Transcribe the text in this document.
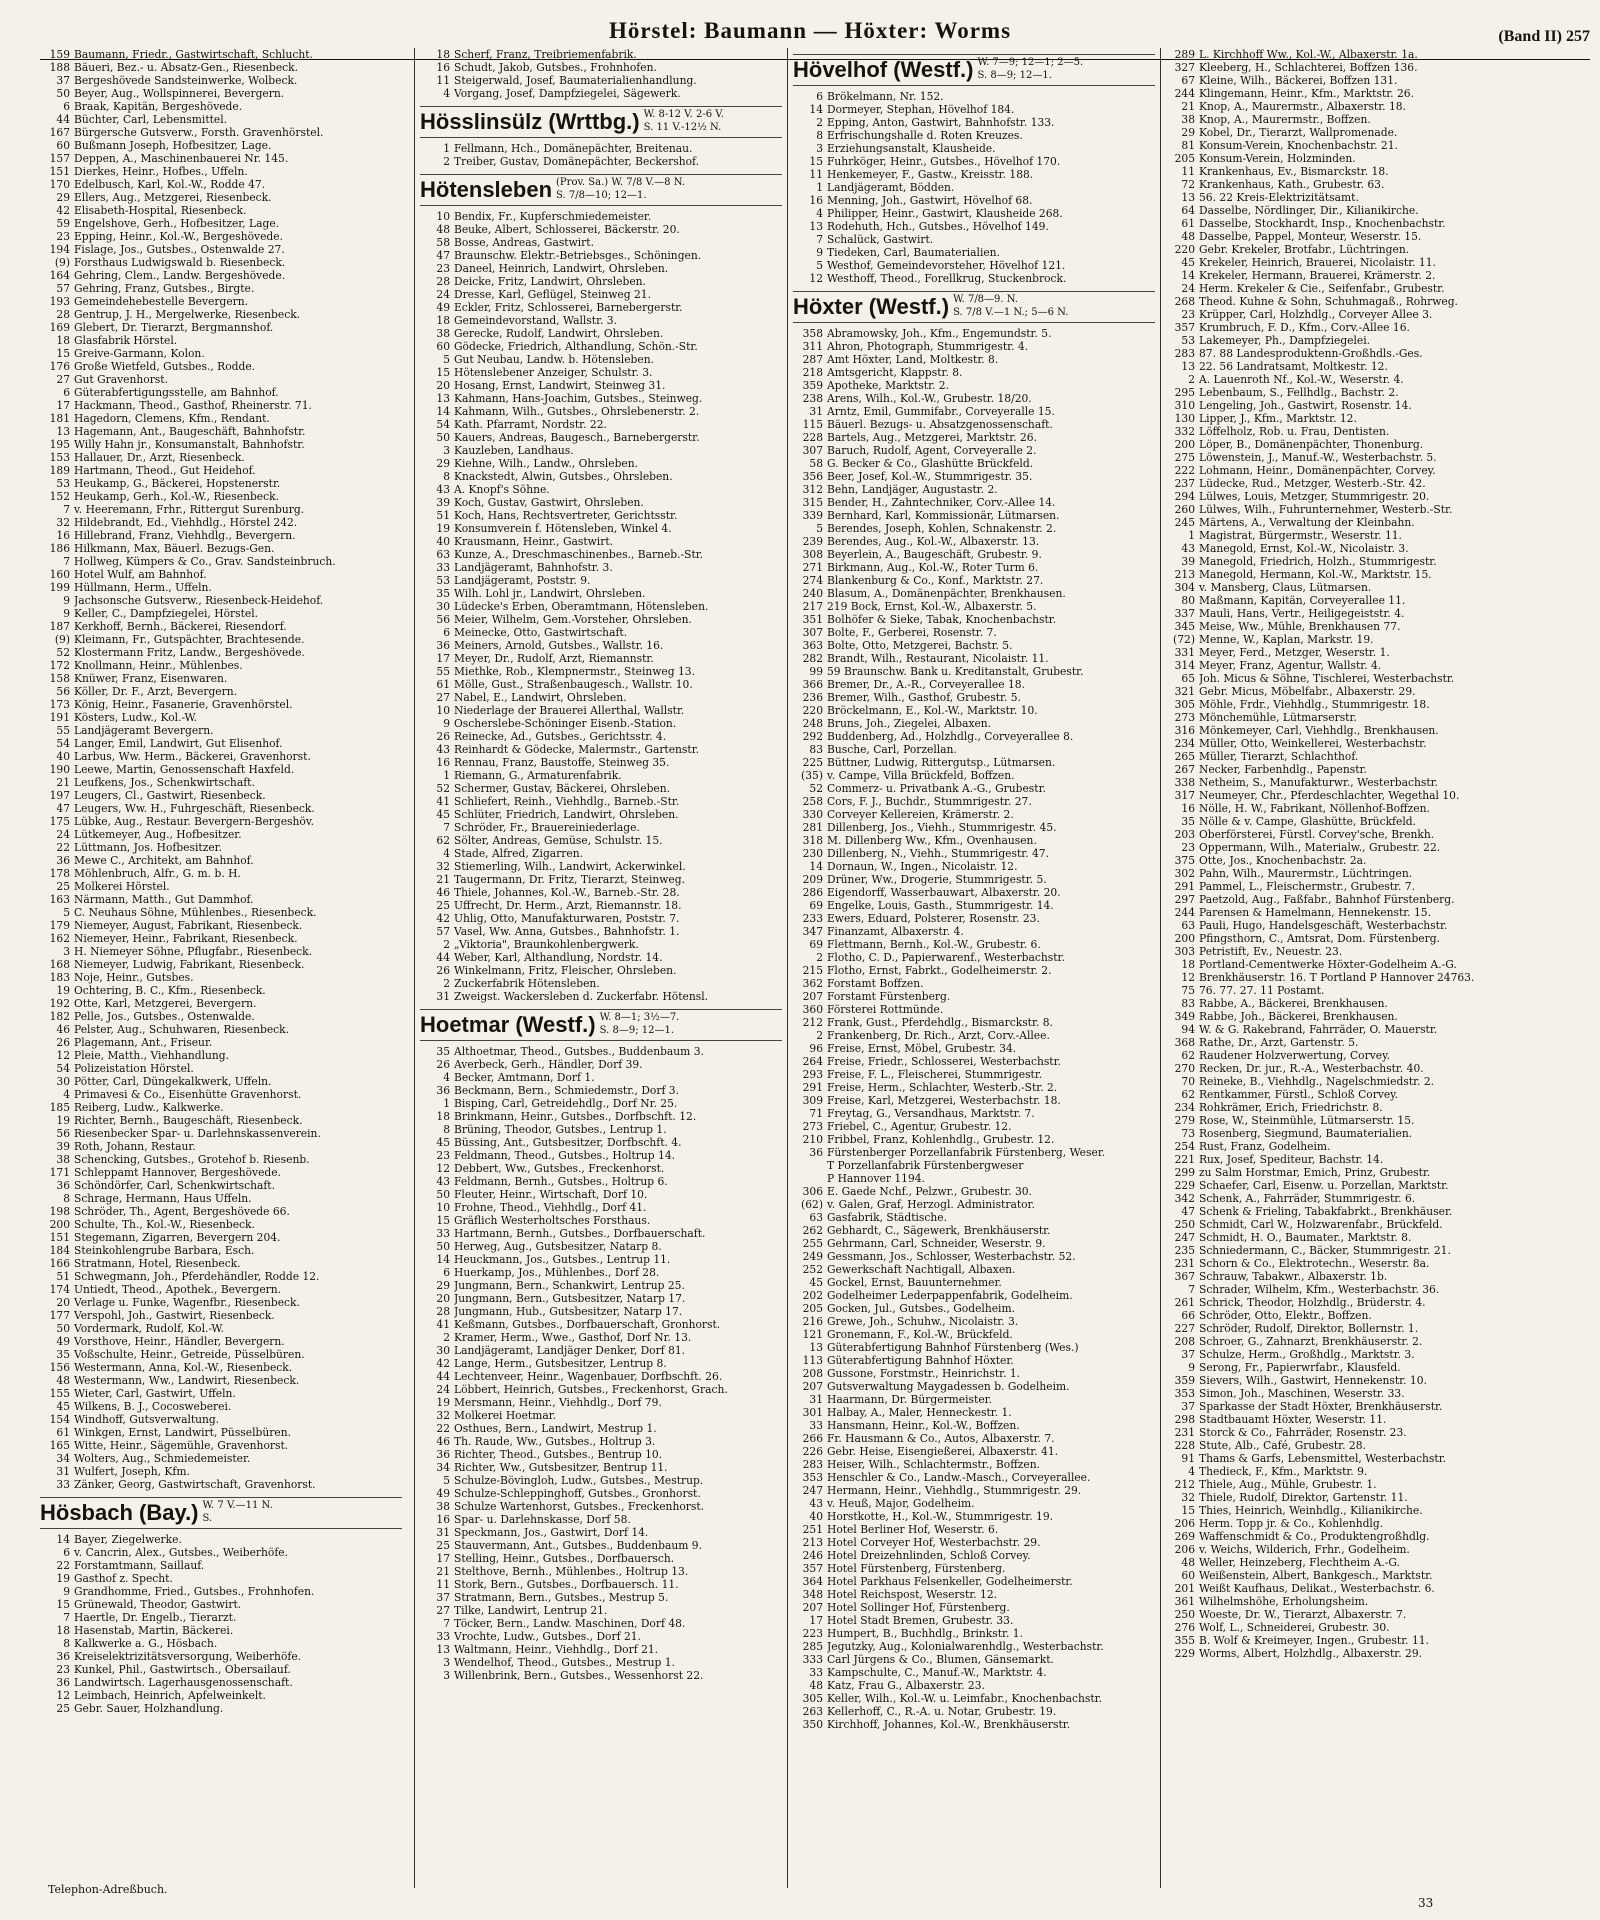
Hörstel: Baumann — Höxter: Worms	(Band II) 257
159 Baumann, Friedr., Gastwirtschaft, Schlucht.
188 Bäueri, Bez.- u. Absatz-Gen., Riesenbeck.
37 Bergeshövede Sandsteinwerke, Wolbeck.
50 Beyer, Aug., Wollspinnerei, Bevergern.
6 Braak, Kapitän, Bergeshövede.
44 Büchter, Carl, Lebensmittel.
167 Bürgersche Gutsverw., Forsth. Gravenhörstel.
60 Bußmann Joseph, Hofbesitzer, Lage.
157 Deppen, A., Maschinenbauerei Nr. 145.
151 Dierkes, Heinr., Hofbes., Uffeln.
170 Edelbusch, Karl, Kol.-W., Rodde 47.
29 Ellers, Aug., Metzgerei, Riesenbeck.
42 Elisabeth-Hospital, Riesenbeck.
59 Engelshove, Gerh., Hofbesitzer, Lage.
23 Epping, Heinr., Kol.-W., Bergeshövede.
194 Fislage, Jos., Gutsbes., Ostenwalde 27.
(9) Forsthaus Ludwigswald b. Riesenbeck.
164 Gehring, Clem., Landw. Bergeshövede.
57 Gehring, Franz, Gutsbes., Birgte.
193 Gemeindehebestelle Bevergern.
28 Gentrup, J. H., Mergelwerke, Riesenbeck.
169 Glebert, Dr. Tierarzt, Bergmannshof.
18 Glasfabrik Hörstel.
15 Greive-Garmann, Kolon.
176 Große Wietfeld, Gutsbes., Rodde.
27 Gut Gravenhorst.
6 Güterabfertigungsstelle, am Bahnhof.
17 Hackmann, Theod., Gasthof, Rheinerstr. 71.
181 Hagedorn, Clemens, Kfm., Rendant.
13 Hagemann, Ant., Baugeschäft, Bahnhofstr.
195 Willy Hahn jr., Konsumanstalt, Bahnhofstr.
153 Hallauer, Dr., Arzt, Riesenbeck.
189 Hartmann, Theod., Gut Heidehof.
53 Heukamp, G., Bäckerei, Hopstenerstr.
152 Heukamp, Gerh., Kol.-W., Riesenbeck.
7 v. Heeremann, Frhr., Rittergut Surenburg.
32 Hildebrandt, Ed., Viehhdlg., Hörstel 242.
16 Hillebrand, Franz, Viehhdlg., Bevergern.
186 Hilkmann, Max, Bäuerl. Bezugs-Gen.
7 Hollweg, Kümpers & Co., Grav. Sandsteinbruch.
160 Hotel Wulf, am Bahnhof.
199 Hüllmann, Herm., Uffeln.
9 Jachsonsche Gutsverw., Riesenbeck-Heidehof.
9 Keller, C., Dampfziegelei, Hörstel.
187 Kerkhoff, Bernh., Bäckerei, Riesendorf.
(9) Kleimann, Fr., Gutspächter, Brachtesende.
52 Klostermann Fritz, Landw., Bergeshövede.
172 Knollmann, Heinr., Mühlenbes.
158 Knüwer, Franz, Eisenwaren.
56 Köller, Dr. F., Arzt, Bevergern.
173 König, Heinr., Fasanerie, Gravenhörstel.
191 Kösters, Ludw., Kol.-W.
55 Landjägeramt Bevergern.
54 Langer, Emil, Landwirt, Gut Elisenhof.
40 Larbus, Ww. Herm., Bäckerei, Gravenhorst.
190 Leewe, Martin, Genossenschaft Haxfeld.
21 Leufkens, Jos., Schenkwirtschaft.
197 Leugers, Cl., Gastwirt, Riesenbeck.
47 Leugers, Ww. H., Fuhrgeschäft, Riesenbeck.
175 Lübke, Aug., Restaur. Bevergern-Bergeshöv.
24 Lütkemeyer, Aug., Hofbesitzer.
22 Lüttmann, Jos. Hofbesitzer.
36 Mewe C., Architekt, am Bahnhof.
178 Möhlenbruch, Alfr., G. m. b. H.
25 Molkerei Hörstel.
163 Närmann, Matth., Gut Dammhof.
5 C. Neuhaus Söhne, Mühlenbes., Riesenbeck.
179 Niemeyer, August, Fabrikant, Riesenbeck.
162 Niemeyer, Heinr., Fabrikant, Riesenbeck.
3 H. Niemeyer Söhne, Pflugfabr., Riesenbeck.
168 Niemeyer, Ludwig, Fabrikant, Riesenbeck.
183 Noje, Heinr., Gutsbes.
19 Ochtering, B. C., Kfm., Riesenbeck.
192 Otte, Karl, Metzgerei, Bevergern.
182 Pelle, Jos., Gutsbes., Ostenwalde.
46 Pelster, Aug., Schuhwaren, Riesenbeck.
26 Plagemann, Ant., Friseur.
12 Pleie, Matth., Viehhandlung.
54 Polizeistation Hörstel.
30 Pötter, Carl, Düngekalkwerk, Uffeln.
4 Primavesi & Co., Eisenhütte Gravenhorst.
185 Reiberg, Ludw., Kalkwerke.
19 Richter, Bernh., Baugeschäft, Riesenbeck.
56 Riesenbecker Spar- u. Darlehnskassenverein.
39 Roth, Johann, Restaur.
38 Schencking, Gutsbes., Grotehof b. Riesenb.
171 Schleppamt Hannover, Bergeshövede.
36 Schöndörfer, Carl, Schenkwirtschaft.
8 Schrage, Hermann, Haus Uffeln.
198 Schröder, Th., Agent, Bergeshövede 66.
200 Schulte, Th., Kol.-W., Riesenbeck.
151 Stegemann, Zigarren, Bevergern 204.
184 Steinkohlengrube Barbara, Esch.
166 Stratmann, Hotel, Riesenbeck.
51 Schwegmann, Joh., Pferdehändler, Rodde 12.
174 Untiedt, Theod., Apothek., Bevergern.
20 Verlage u. Funke, Wagenfbr., Riesenbeck.
177 Verspohl, Joh., Gastwirt, Riesenbeck.
50 Vordermark, Rudolf, Kol.-W.
49 Vorsthove, Heinr., Händler, Bevergern.
35 Voßschulte, Heinr., Getreide, Püsselbüren.
156 Westermann, Anna, Kol.-W., Riesenbeck.
48 Westermann, Ww., Landwirt, Riesenbeck.
155 Wieter, Carl, Gastwirt, Uffeln.
45 Wilkens, B. J., Cocosweberei.
154 Windhoff, Gutsverwaltung.
61 Winkgen, Ernst, Landwirt, Püsselbüren.
165 Witte, Heinr., Sägemühle, Gravenhorst.
34 Wolters, Aug., Schmiedemeister.
31 Wulfert, Joseph, Kfm.
33 Zänker, Georg, Gastwirtschaft, Gravenhorst.
Hösbach (Bay.) W. 7 V.—11 N.
S.
14 Bayer, Ziegelwerke.
6 v. Cancrin, Alex., Gutsbes., Weiberhöfe.
22 Forstamtmann, Saillauf.
19 Gasthof z. Specht.
9 Grandhomme, Fried., Gutsbes., Frohnhofen.
15 Grünewald, Theodor, Gastwirt.
7 Haertle, Dr. Engelb., Tierarzt.
18 Hasenstab, Martin, Bäckerei.
8 Kalkwerke a. G., Hösbach.
36 Kreiselektrizitätsversorgung, Weiberhöfe.
23 Kunkel, Phil., Gastwirtsch., Obersailauf.
36 Landwirtsch. Lagerhausgenossenschaft.
12 Leimbach, Heinrich, Apfelweinkelt.
25 Gebr. Sauer, Holzhandlung.
18 Scherf, Franz, Treibriemenfabrik.
16 Schudt, Jakob, Gutsbes., Frohnhofen.
11 Steigerwald, Josef, Baumaterialienhandlung.
4 Vorgang, Josef, Dampfziegelei, Sägewerk.
Hösslinsülz (Wrttbg.) W. 8-12 V. 2-6 V.
S. 11 V.-12½ N.
1 Fellmann, Hch., Domänepächter, Breitenau.
2 Treiber, Gustav, Domänepächter, Beckershof.
Hötensleben (Prov. Sa.) W. 7/8 V.—8 N.
S. 7/8—10; 12—1.
10 Bendix, Fr., Kupferschmiedemeister.
48 Beuke, Albert, Schlosserei, Bäckerstr. 20.
58 Bosse, Andreas, Gastwirt.
47 Braunschw. Elektr.-Betriebsges., Schöningen.
23 Daneel, Heinrich, Landwirt, Ohrsleben.
28 Deicke, Fritz, Landwirt, Ohrsleben.
24 Dresse, Karl, Geflügel, Steinweg 21.
49 Eckler, Fritz, Schlosserei, Barnebergerstr.
18 Gemeindevorstand, Wallstr. 3.
38 Gerecke, Rudolf, Landwirt, Ohrsleben.
60 Gödecke, Friedrich, Althandlung, Schön.-Str.
5 Gut Neubau, Landw. b. Hötensleben.
15 Hötenslebener Anzeiger, Schulstr. 3.
20 Hosang, Ernst, Landwirt, Steinweg 31.
13 Kahmann, Hans-Joachim, Gutsbes., Steinweg.
14 Kahmann, Wilh., Gutsbes., Ohrslebenerstr. 2.
54 Kath. Pfarramt, Nordstr. 22.
50 Kauers, Andreas, Baugesch., Barnebergerstr.
3 Kauzleben, Landhaus.
29 Kiehne, Wilh., Landw., Ohrsleben.
8 Knackstedt, Alwin, Gutsbes., Ohrsleben.
43 A. Knopf's Söhne.
39 Koch, Gustav, Gastwirt, Ohrsleben.
51 Koch, Hans, Rechtsvertreter, Gerichtsstr.
19 Konsumverein f. Hötensleben, Winkel 4.
40 Krausmann, Heinr., Gastwirt.
63 Kunze, A., Dreschmaschinenbes., Barneb.-Str.
33 Landjägeramt, Bahnhofstr. 3.
53 Landjägeramt, Poststr. 9.
35 Wilh. Lohl jr., Landwirt, Ohrsleben.
30 Lüdecke's Erben, Oberamtmann, Hötensleben.
56 Meier, Wilhelm, Gem.-Vorsteher, Ohrsleben.
6 Meinecke, Otto, Gastwirtschaft.
36 Meiners, Arnold, Gutsbes., Wallstr. 16.
17 Meyer, Dr., Rudolf, Arzt, Riemannstr.
55 Miethke, Rob., Klempnermstr., Steinweg 13.
61 Mölle, Gust., Straßenbaugesch., Wallstr. 10.
27 Nabel, E., Landwirt, Ohrsleben.
10 Niederlage der Brauerei Allerthal, Wallstr.
9 Oscherslebe-Schöninger Eisenb.-Station.
26 Reinecke, Ad., Gutsbes., Gerichtsstr. 4.
43 Reinhardt & Gödecke, Malermstr., Gartenstr.
16 Rennau, Franz, Baustoffe, Steinweg 35.
1 Riemann, G., Armaturenfabrik.
52 Schermer, Gustav, Bäckerei, Ohrsleben.
41 Schliefert, Reinh., Viehhdlg., Barneb.-Str.
45 Schlüter, Friedrich, Landwirt, Ohrsleben.
7 Schröder, Fr., Brauereiniederlage.
62 Sölter, Andreas, Gemüse, Schulstr. 15.
4 Stade, Alfred, Zigarren.
32 Stiemerling, Wilh., Landwirt, Ackerwinkel.
21 Taugermann, Dr. Fritz, Tierarzt, Steinweg.
46 Thiele, Johannes, Kol.-W., Barneb.-Str. 28.
25 Uffrecht, Dr. Herm., Arzt, Riemannstr. 18.
42 Uhlig, Otto, Manufakturwaren, Poststr. 7.
57 Vasel, Ww. Anna, Gutsbes., Bahnhofstr. 1.
2 „Viktoria", Braunkohlenbergwerk.
44 Weber, Karl, Althandlung, Nordstr. 14.
26 Winkelmann, Fritz, Fleischer, Ohrsleben.
2 Zuckerfabrik Hötensleben.
31 Zweigst. Wackersleben d. Zuckerfabr. Hötensl.
Hoetmar (Westf.) W. 8—1; 3½—7.
S. 8—9; 12—1.
35 Althoetmar, Theod., Gutsbes., Buddenbaum 3.
26 Averbeck, Gerh., Händler, Dorf 39.
4 Becker, Amtmann, Dorf 1.
36 Beckmann, Bern., Schmiedemstr., Dorf 3.
1 Bisping, Carl, Getreidehdlg., Dorf Nr. 25.
18 Brinkmann, Heinr., Gutsbes., Dorfbschft. 12.
8 Brüning, Theodor, Gutsbes., Lentrup 1.
45 Büssing, Ant., Gutsbesitzer, Dorfbschft. 4.
23 Feldmann, Theod., Gutsbes., Holtrup 14.
12 Debbert, Ww., Gutsbes., Freckenhorst.
43 Feldmann, Bernh., Gutsbes., Holtrup 6.
50 Fleuter, Heinr., Wirtschaft, Dorf 10.
10 Frohne, Theod., Viehhdlg., Dorf 41.
15 Gräflich Westerholtsches Forsthaus.
33 Hartmann, Bernh., Gutsbes., Dorfbauerschaft.
50 Herweg, Aug., Gutsbesitzer, Natarp 8.
14 Heuckmann, Jos., Gutsbes., Lentrup 11.
6 Huerkamp, Jos., Mühlenbes., Dorf 28.
29 Jungmann, Bern., Schankwirt, Lentrup 25.
20 Jungmann, Bern., Gutsbesitzer, Natarp 17.
28 Jungmann, Hub., Gutsbesitzer, Natarp 17.
41 Keßmann, Gutsbes., Dorfbauerschaft, Gronhorst.
2 Kramer, Herm., Wwe., Gasthof, Dorf Nr. 13.
30 Landjägeramt, Landjäger Denker, Dorf 81.
42 Lange, Herm., Gutsbesitzer, Lentrup 8.
44 Lechtenveer, Heinr., Wagenbauer, Dorfbschft. 26.
24 Löbbert, Heinrich, Gutsbes., Freckenhorst, Grach.
19 Mersmann, Heinr., Viehhdlg., Dorf 79.
32 Molkerei Hoetmar.
22 Osthues, Bern., Landwirt, Mestrup 1.
46 Th. Raude, Ww., Gutsbes., Holtrup 3.
36 Richter, Theod., Gutsbes., Bentrup 10.
34 Richter, Ww., Gutsbesitzer, Bentrup 11.
5 Schulze-Bövingloh, Ludw., Gutsbes., Mestrup.
49 Schulze-Schleppinghoff, Gutsbes., Gronhorst.
38 Schulze Wartenhorst, Gutsbes., Freckenhorst.
16 Spar- u. Darlehnskasse, Dorf 58.
31 Speckmann, Jos., Gastwirt, Dorf 14.
25 Stauvermann, Ant., Gutsbes., Buddenbaum 9.
17 Stelling, Heinr., Gutsbes., Dorfbauersch.
21 Stelthove, Bernh., Mühlenbes., Holtrup 13.
11 Stork, Bern., Gutsbes., Dorfbauersch. 11.
37 Stratmann, Bern., Gutsbes., Mestrup 5.
27 Tilke, Landwirt, Lentrup 21.
7 Töcker, Bern., Landw. Maschinen, Dorf 48.
33 Vrochte, Ludw., Gutsbes., Dorf 21.
13 Waltmann, Heinr., Viehhdlg., Dorf 21.
3 Wendelhof, Theod., Gutsbes., Mestrup 1.
3 Willenbrink, Bern., Gutsbes., Wessenhorst 22.
Hövelhof (Westf.) W. 7—9; 12—1; 2—5.
S. 8—9; 12—1.
6 Brökelmann, Nr. 152.
14 Dormeyer, Stephan, Hövelhof 184.
2 Epping, Anton, Gastwirt, Bahnhofstr. 133.
8 Erfrischungshalle d. Roten Kreuzes.
3 Erziehungsanstalt, Klausheide.
15 Fuhrköger, Heinr., Gutsbes., Hövelhof 170.
11 Henkemeyer, F., Gastw., Kreisstr. 188.
1 Landjägeramt, Bödden.
16 Menning, Joh., Gastwirt, Hövelhof 68.
4 Philipper, Heinr., Gastwirt, Klausheide 268.
13 Rodehuth, Hch., Gutsbes., Hövelhof 149.
7 Schalück, Gastwirt.
9 Tiedeken, Carl, Baumaterialien.
5 Westhof, Gemeindevorsteher, Hövelhof 121.
12 Westhoff, Theod., Forellkrug, Stuckenbrock.
Höxter (Westf.) W. 7/8—9. N.
S. 7/8 V.—1 N.; 5—6 N.
358 Abramowsky, Joh., Kfm., Engemundstr. 5.
311 Ahron, Photograph, Stummrigestr. 4.
287 Amt Höxter, Land, Moltkestr. 8.
218 Amtsgericht, Klappstr. 8.
359 Apotheke, Marktstr. 2.
238 Arens, Wilh., Kol.-W., Grubestr. 18/20.
31 Arntz, Emil, Gummifabr., Corveyeralle 15.
115 Bäuerl. Bezugs- u. Absatzgenossenschaft.
228 Bartels, Aug., Metzgerei, Marktstr. 26.
307 Baruch, Rudolf, Agent, Corveyeralle 2.
58 G. Becker & Co., Glashütte Brückfeld.
356 Beer, Josef, Kol.-W., Stummrigestr. 35.
312 Behn, Landjäger, Augustastr. 2.
315 Bender, H., Zahntechniker, Corv.-Allee 14.
339 Bernhard, Karl, Kommissionär, Lütmarsen.
5 Berendes, Joseph, Kohlen, Schnakenstr. 2.
239 Berendes, Aug., Kol.-W., Albaxerstr. 13.
308 Beyerlein, A., Baugeschäft, Grubestr. 9.
271 Birkmann, Aug., Kol.-W., Roter Turm 6.
274 Blankenburg & Co., Konf., Marktstr. 27.
240 Blasum, A., Domänenpächter, Brenkhausen.
217 219 Bock, Ernst, Kol.-W., Albaxerstr. 5.
351 Bolhöfer & Sieke, Tabak, Knochenbachstr.
307 Bolte, F., Gerberei, Rosenstr. 7.
363 Bolte, Otto, Metzgerei, Bachstr. 5.
282 Brandt, Wilh., Restaurant, Nicolaistr. 11.
99 59 Braunschw. Bank u. Kreditanstalt, Grubestr.
366 Bremer, Dr., A.-R., Corveyerallee 18.
236 Bremer, Wilh., Gasthof, Grubestr. 5.
220 Bröckelmann, E., Kol.-W., Marktstr. 10.
248 Bruns, Joh., Ziegelei, Albaxen.
292 Buddenberg, Ad., Holzhdlg., Corveyerallee 8.
83 Busche, Carl, Porzellan.
225 Büttner, Ludwig, Rittergutsp., Lütmarsen.
(35) v. Campe, Villa Brückfeld, Boffzen.
52 Commerz- u. Privatbank A.-G., Grubestr.
258 Cors, F. J., Buchdr., Stummrigestr. 27.
330 Corveyer Kellereien, Krämerstr. 2.
281 Dillenberg, Jos., Viehh., Stummrigestr. 45.
318 M. Dillenberg Ww., Kfm., Ovenhausen.
230 Dillenberg, N., Viehh., Stummrigestr. 47.
14 Dornaun, W., Ingen., Nicolaistr. 12.
209 Drüner, Ww., Drogerie, Stummrigestr. 5.
286 Eigendorff, Wasserbauwart, Albaxerstr. 20.
69 Engelke, Louis, Gasth., Stummrigestr. 14.
233 Ewers, Eduard, Polsterer, Rosenstr. 23.
347 Finanzamt, Albaxerstr. 4.
69 Flettmann, Bernh., Kol.-W., Grubestr. 6.
2 Flotho, C. D., Papierwarenf., Westerbachstr.
215 Flotho, Ernst, Fabrkt., Godelheimerstr. 2.
362 Forstamt Boffzen.
207 Forstamt Fürstenberg.
360 Försterei Rottmünde.
212 Frank, Gust., Pferdehdlg., Bismarckstr. 8.
2 Frankenberg, Dr. Rich., Arzt, Corv.-Allee.
96 Freise, Ernst, Möbel, Grubestr. 34.
264 Freise, Friedr., Schlosserei, Westerbachstr.
293 Freise, F. L., Fleischerei, Stummrigestr.
291 Freise, Herm., Schlachter, Westerb.-Str. 2.
309 Freise, Karl, Metzgerei, Westerbachstr. 18.
71 Freytag, G., Versandhaus, Marktstr. 7.
273 Friebel, C., Agentur, Grubestr. 12.
210 Fribbel, Franz, Kohlenhdlg., Grubestr. 12.
36 Fürstenberger Porzellanfabrik Fürstenberg, Weser.
T Porzellanfabrik Fürstenbergweser
P Hannover 1194.
306 E. Gaede Nchf., Pelzwr., Grubestr. 30.
(62) v. Galen, Graf, Herzogl. Administrator.
63 Gasfabrik, Städtische.
262 Gebhardt, C., Sägewerk, Brenkhäuserstr.
255 Gehrmann, Carl, Schneider, Weserstr. 9.
249 Gessmann, Jos., Schlosser, Westerbachstr. 52.
252 Gewerkschaft Nachtigall, Albaxen.
45 Gockel, Ernst, Bauunternehmer.
202 Godelheimer Lederpappenfabrik, Godelheim.
205 Gocken, Jul., Gutsbes., Godelheim.
216 Grewe, Joh., Schuhw., Nicolaistr. 3.
121 Gronemann, F., Kol.-W., Brückfeld.
13 Güterabfertigung Bahnhof Fürstenberg (Wes.)
113 Güterabfertigung Bahnhof Höxter.
208 Gussone, Forstmstr., Heinrichstr. 1.
207 Gutsverwaltung Maygadessen b. Godelheim.
31 Haarmann, Dr. Bürgermeister.
301 Halbay, A., Maler, Henneckestr. 1.
33 Hansmann, Heinr., Kol.-W., Boffzen.
266 Fr. Hausmann & Co., Autos, Albaxerstr. 7.
226 Gebr. Heise, Eisengießerei, Albaxerstr. 41.
283 Heiser, Wilh., Schlachtermstr., Boffzen.
353 Henschler & Co., Landw.-Masch., Corveyerallee.
247 Hermann, Heinr., Viehhdlg., Stummrigestr. 29.
43 v. Heuß, Major, Godelheim.
40 Horstkotte, H., Kol.-W., Stummrigestr. 19.
251 Hotel Berliner Hof, Weserstr. 6.
213 Hotel Corveyer Hof, Westerbachstr. 29.
246 Hotel Dreizehnlinden, Schloß Corvey.
357 Hotel Fürstenberg, Fürstenberg.
364 Hotel Parkhaus Felsenkeller, Godelheimerstr.
348 Hotel Reichspost, Weserstr. 12.
207 Hotel Sollinger Hof, Fürstenberg.
17 Hotel Stadt Bremen, Grubestr. 33.
223 Humpert, B., Buchhdlg., Brinkstr. 1.
285 Jegutzky, Aug., Kolonialwarenhdlg., Westerbachstr.
333 Carl Jürgens & Co., Blumen, Gänsemarkt.
33 Kampschulte, C., Manuf.-W., Marktstr. 4.
48 Katz, Frau G., Albaxerstr. 23.
305 Keller, Wilh., Kol.-W. u. Leimfabr., Knochenbachstr.
263 Kellerhoff, C., R.-A. u. Notar, Grubestr. 19.
350 Kirchhoff, Johannes, Kol.-W., Brenkhäuserstr.
289 L. Kirchhoff Ww., Kol.-W., Albaxerstr. 1a.
327 Kleeberg, H., Schlachterei, Boffzen 136.
67 Kleine, Wilh., Bäckerei, Boffzen 131.
244 Klingemann, Heinr., Kfm., Marktstr. 26.
21 Knop, A., Maurermstr., Albaxerstr. 18.
38 Knop, A., Maurermstr., Boffzen.
29 Kobel, Dr., Tierarzt, Wallpromenade.
81 Konsum-Verein, Knochenbachstr. 21.
205 Konsum-Verein, Holzminden.
11 Krankenhaus, Ev., Bismarckstr. 18.
72 Krankenhaus, Kath., Grubestr. 63.
13 56. 22 Kreis-Elektrizitätsamt.
64 Dasselbe, Nördlinger, Dir., Kilianikirche.
61 Dasselbe, Stockhardt, Insp., Knochenbachstr.
48 Dasselbe, Pappel, Monteur, Weserstr. 15.
220 Gebr. Krekeler, Brotfabr., Lüchtringen.
45 Krekeler, Heinrich, Brauerei, Nicolaistr. 11.
14 Krekeler, Hermann, Brauerei, Krämerstr. 2.
24 Herm. Krekeler & Cie., Seifenfabr., Grubestr.
268 Theod. Kuhne & Sohn, Schuhmagaß., Rohrweg.
23 Krüpper, Carl, Holzhdlg., Corveyer Allee 3.
357 Krumbruch, F. D., Kfm., Corv.-Allee 16.
53 Lakemeyer, Ph., Dampfziegelei.
283 87. 88 Landesproduktenn-Großhdls.-Ges.
13 22. 56 Landratsamt, Moltkestr. 12.
2 A. Lauenroth Nf., Kol.-W., Weserstr. 4.
295 Lebenbaum, S., Fellhdlg., Bachstr. 2.
310 Lengeling, Joh., Gastwirt, Rosenstr. 14.
130 Lipper, J., Kfm., Marktstr. 12.
332 Löffelholz, Rob. u. Frau, Dentisten.
200 Löper, B., Domänenpächter, Thonenburg.
275 Löwenstein, J., Manuf.-W., Westerbachstr. 5.
222 Lohmann, Heinr., Domänenpächter, Corvey.
237 Lüdecke, Rud., Metzger, Westerb.-Str. 42.
294 Lülwes, Louis, Metzger, Stummrigestr. 20.
260 Lülwes, Wilh., Fuhrunternehmer, Westerb.-Str.
245 Märtens, A., Verwaltung der Kleinbahn.
1 Magistrat, Bürgermstr., Weserstr. 11.
43 Manegold, Ernst, Kol.-W., Nicolaistr. 3.
39 Manegold, Friedrich, Holzh., Stummrigestr.
213 Manegold, Hermann, Kol.-W., Marktstr. 15.
304 v. Mansberg, Claus, Lütmarsen.
80 Maßmann, Kapitän, Corveyerallee 11.
337 Mauli, Hans, Vertr., Heiligegeiststr. 4.
345 Meise, Ww., Mühle, Brenkhausen 77.
(72) Menne, W., Kaplan, Markstr. 19.
331 Meyer, Ferd., Metzger, Weserstr. 1.
314 Meyer, Franz, Agentur, Wallstr. 4.
65 Joh. Micus & Söhne, Tischlerei, Westerbachstr.
321 Gebr. Micus, Möbelfabr., Albaxerstr. 29.
305 Möhle, Frdr., Viehhdlg., Stummrigestr. 18.
273 Mönchemühle, Lütmarserstr.
316 Mönkemeyer, Carl, Viehhdlg., Brenkhausen.
234 Müller, Otto, Weinkellerei, Westerbachstr.
265 Müller, Tierarzt, Schlachthof.
267 Necker, Farbenhdlg., Papenstr.
338 Netheim, S., Manufakturwr., Westerbachstr.
317 Neumeyer, Chr., Pferdeschlachter, Wegethal 10.
16 Nölle, H. W., Fabrikant, Nöllenhof-Boffzen.
35 Nölle & v. Campe, Glashütte, Brückfeld.
203 Oberförsterei, Fürstl. Corvey'sche, Brenkh.
23 Oppermann, Wilh., Materialw., Grubestr. 22.
375 Otte, Jos., Knochenbachstr. 2a.
302 Pahn, Wilh., Maurermstr., Lüchtringen.
291 Pammel, L., Fleischermstr., Grubestr. 7.
297 Paetzold, Aug., Faßfabr., Bahnhof Fürstenberg.
244 Parensen & Hamelmann, Hennekenstr. 15.
63 Pauli, Hugo, Handelsgeschäft, Westerbachstr.
200 Pfingsthorn, C., Amtsrat, Dom. Fürstenberg.
303 Petristift, Ev., Neuestr. 23.
18 Portland-Cementwerke Höxter-Godelheim A.-G.
12 Brenkhäuserstr. 16. T Portland P Hannover 24763.
75 76. 77. 27. 11 Postamt.
83 Rabbe, A., Bäckerei, Brenkhausen.
349 Rabbe, Joh., Bäckerei, Brenkhausen.
94 W. & G. Rakebrand, Fahrräder, O. Mauerstr.
368 Rathe, Dr., Arzt, Gartenstr. 5.
62 Raudener Holzverwertung, Corvey.
270 Recken, Dr. jur., R.-A., Westerbachstr. 40.
70 Reineke, B., Viehhdlg., Nagelschmiedstr. 2.
62 Rentkammer, Fürstl., Schloß Corvey.
234 Rohkrämer, Erich, Friedrichstr. 8.
279 Rose, W., Steinmühle, Lütmarserstr. 15.
73 Rosenberg, Siegmund, Baumaterialien.
254 Rust, Franz, Godelheim.
221 Rux, Josef, Spediteur, Bachstr. 14.
299 zu Salm Horstmar, Emich, Prinz, Grubestr.
229 Schaefer, Carl, Eisenw. u. Porzellan, Marktstr.
342 Schenk, A., Fahrräder, Stummrigestr. 6.
47 Schenk & Frieling, Tabakfabrkt., Brenkhäuser.
250 Schmidt, Carl W., Holzwarenfabr., Brückfeld.
247 Schmidt, H. O., Baumater., Marktstr. 8.
235 Schniedermann, C., Bäcker, Stummrigestr. 21.
231 Schorn & Co., Elektrotechn., Weserstr. 8a.
367 Schrauw, Tabakwr., Albaxerstr. 1b.
7 Schrader, Wilhelm, Kfm., Westerbachstr. 36.
261 Schrick, Theodor, Holzhdlg., Brüderstr. 4.
66 Schröder, Otto, Elektr., Boffzen.
227 Schröder, Rudolf, Direktor, Bollernstr. 1.
208 Schroer, G., Zahnarzt, Brenkhäuserstr. 2.
37 Schulze, Herm., Großhdlg., Marktstr. 3.
9 Serong, Fr., Papierwrfabr., Klausfeld.
359 Sievers, Wilh., Gastwirt, Hennekenstr. 10.
353 Simon, Joh., Maschinen, Weserstr. 33.
37 Sparkasse der Stadt Höxter, Brenkhäuserstr.
298 Stadtbauamt Höxter, Weserstr. 11.
231 Storck & Co., Fahrräder, Rosenstr. 23.
228 Stute, Alb., Café, Grubestr. 28.
91 Thams & Garfs, Lebensmittel, Westerbachstr.
4 Thedieck, F., Kfm., Marktstr. 9.
212 Thiele, Aug., Mühle, Grubestr. 1.
32 Thiele, Rudolf, Direktor, Gartenstr. 11.
15 Thies, Heinrich, Weinhdlg., Kilianikirche.
206 Herm. Topp jr. & Co., Kohlenhdlg.
269 Waffenschmidt & Co., Produktengroßhdlg.
206 v. Weichs, Wilderich, Frhr., Godelheim.
48 Weller, Heinzeberg, Flechtheim A.-G.
60 Weißenstein, Albert, Bankgesch., Marktstr.
201 Weißt Kaufhaus, Delikat., Westerbachstr. 6.
361 Wilhelmshöhe, Erholungsheim.
250 Woeste, Dr. W., Tierarzt, Albaxerstr. 7.
276 Wolf, L., Schneiderei, Grubestr. 30.
355 B. Wolf & Kreimeyer, Ingen., Grubestr. 11.
229 Worms, Albert, Holzhdlg., Albaxerstr. 29.
Telephon-Adreßbuch.
33
